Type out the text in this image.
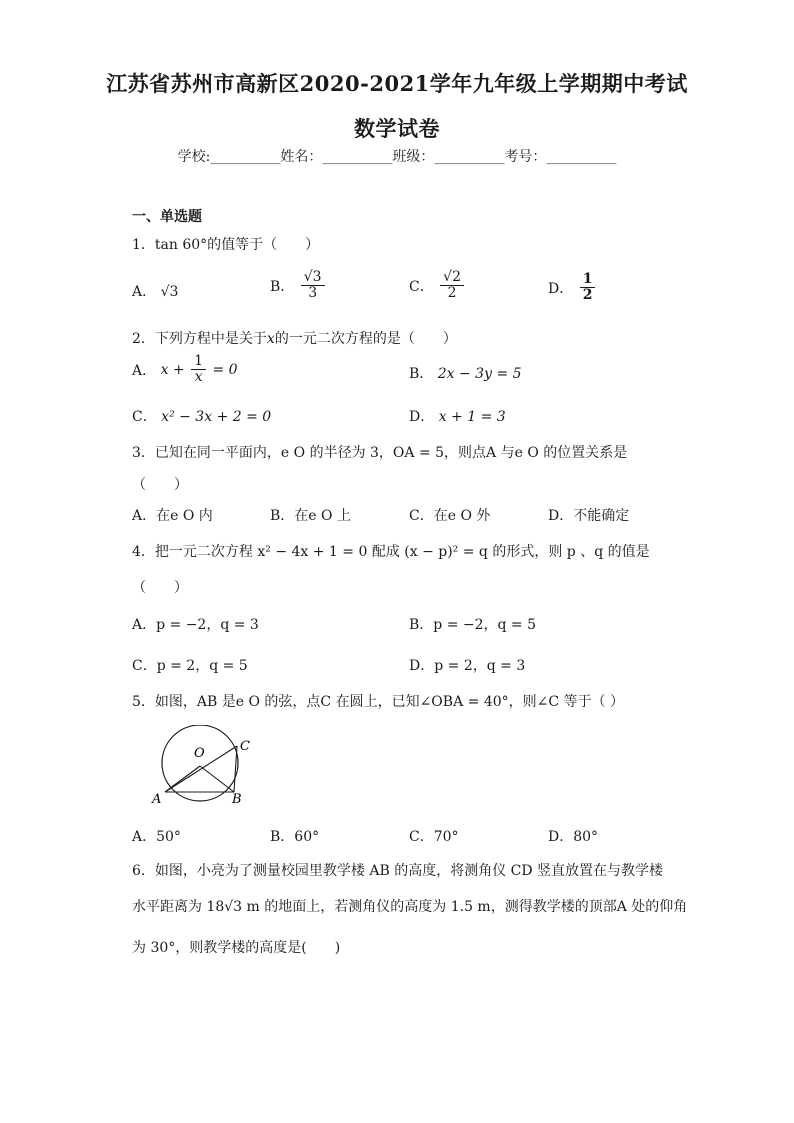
江苏省苏州市高新区2020-2021学年九年级上学期期中考试
数学试卷
学校:__________姓名：__________班级：__________考号：__________
一、单选题
1．tan 60°的值等于（　　）
A． √3	B． $\frac{√3}{3}$	C． $\frac{√2}{2}$	D． $\frac{1}{2}$
2．下列方程中是关于x的一元二次方程的是（　　）
A． $x + \frac{1}{x} = 0$	B． 2x − 3y = 5
C． x² − 3x + 2 = 0	D． x + 1 = 3
3．已知在同一平面内，e O 的半径为 3，OA = 5，则点A 与e O 的位置关系是
（　　）
A．在e O 内	B．在e O 上	C．在e O 外	D．不能确定
4．把一元二次方程 x² − 4x + 1 = 0 配成 (x − p)² = q 的形式，则 p 、q 的值是
（　　）
A．p = −2，q = 3	B．p = −2，q = 5
C．p = 2，q = 5	D．p = 2，q = 3
5．如图，AB 是e O 的弦，点C 在圆上，已知∠OBA = 40°，则∠C 等于（ ）
O	C
A	B
A．50°	B．60°	C．70°	D．80°
6．如图，小亮为了测量校园里教学楼 AB 的高度，将测角仪 CD 竖直放置在与教学楼
水平距离为 18√3 m 的地面上，若测角仪的高度为 1.5 m，测得教学楼的顶部A 处的仰角
为 30°，则教学楼的高度是(　　)
